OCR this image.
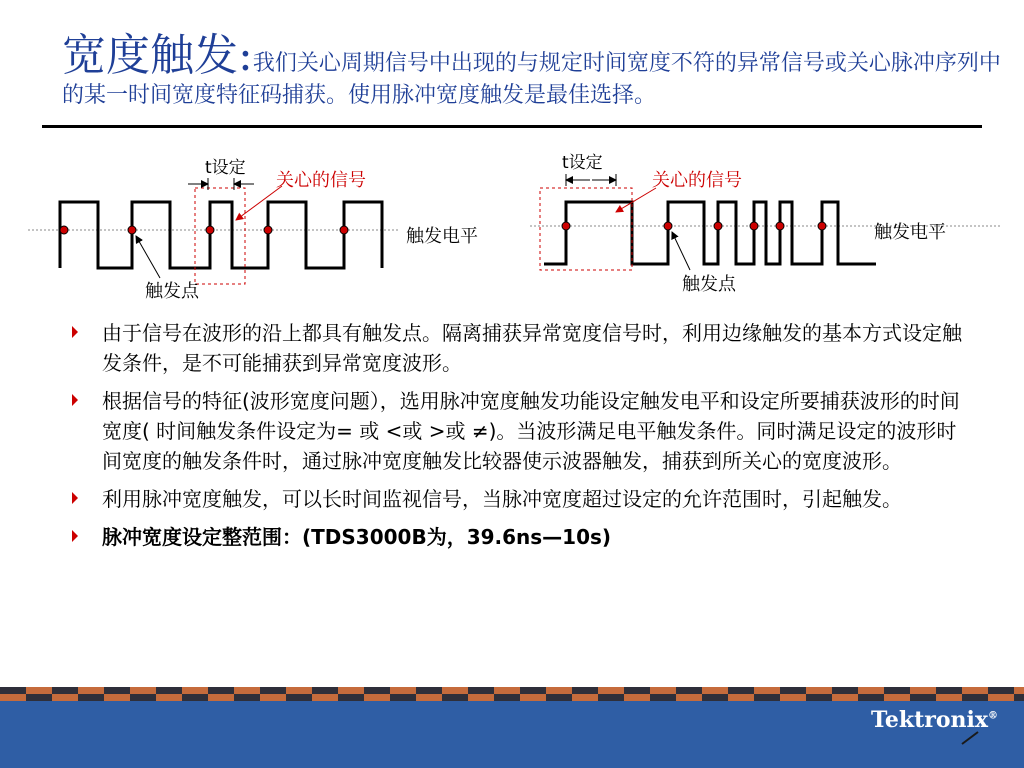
宽度触发:我们关心周期信号中出现的与规定时间宽度不符的异常信号或关心脉冲序列中的某一时间宽度特征码捕获。使用脉冲宽度触发是最佳选择。
t设定
关心的信号
触发电平
触发点
t设定
关心的信号
触发电平
触发点
由于信号在波形的沿上都具有触发点。隔离捕获异常宽度信号时，利用边缘触发的基本方式设定触发条件，是不可能捕获到异常宽度波形。
根据信号的特征(波形宽度问题），选用脉冲宽度触发功能设定触发电平和设定所要捕获波形的时间宽度( 时间触发条件设定为= 或 <或 >或 ≠)。当波形满足电平触发条件。同时满足设定的波形时间宽度的触发条件时，通过脉冲宽度触发比较器使示波器触发，捕获到所关心的宽度波形。
利用脉冲宽度触发，可以长时间监视信号，当脉冲宽度超过设定的允许范围时，引起触发。
脉冲宽度设定整范围：(TDS3000B为，39.6ns—10s)
Tektronix®
